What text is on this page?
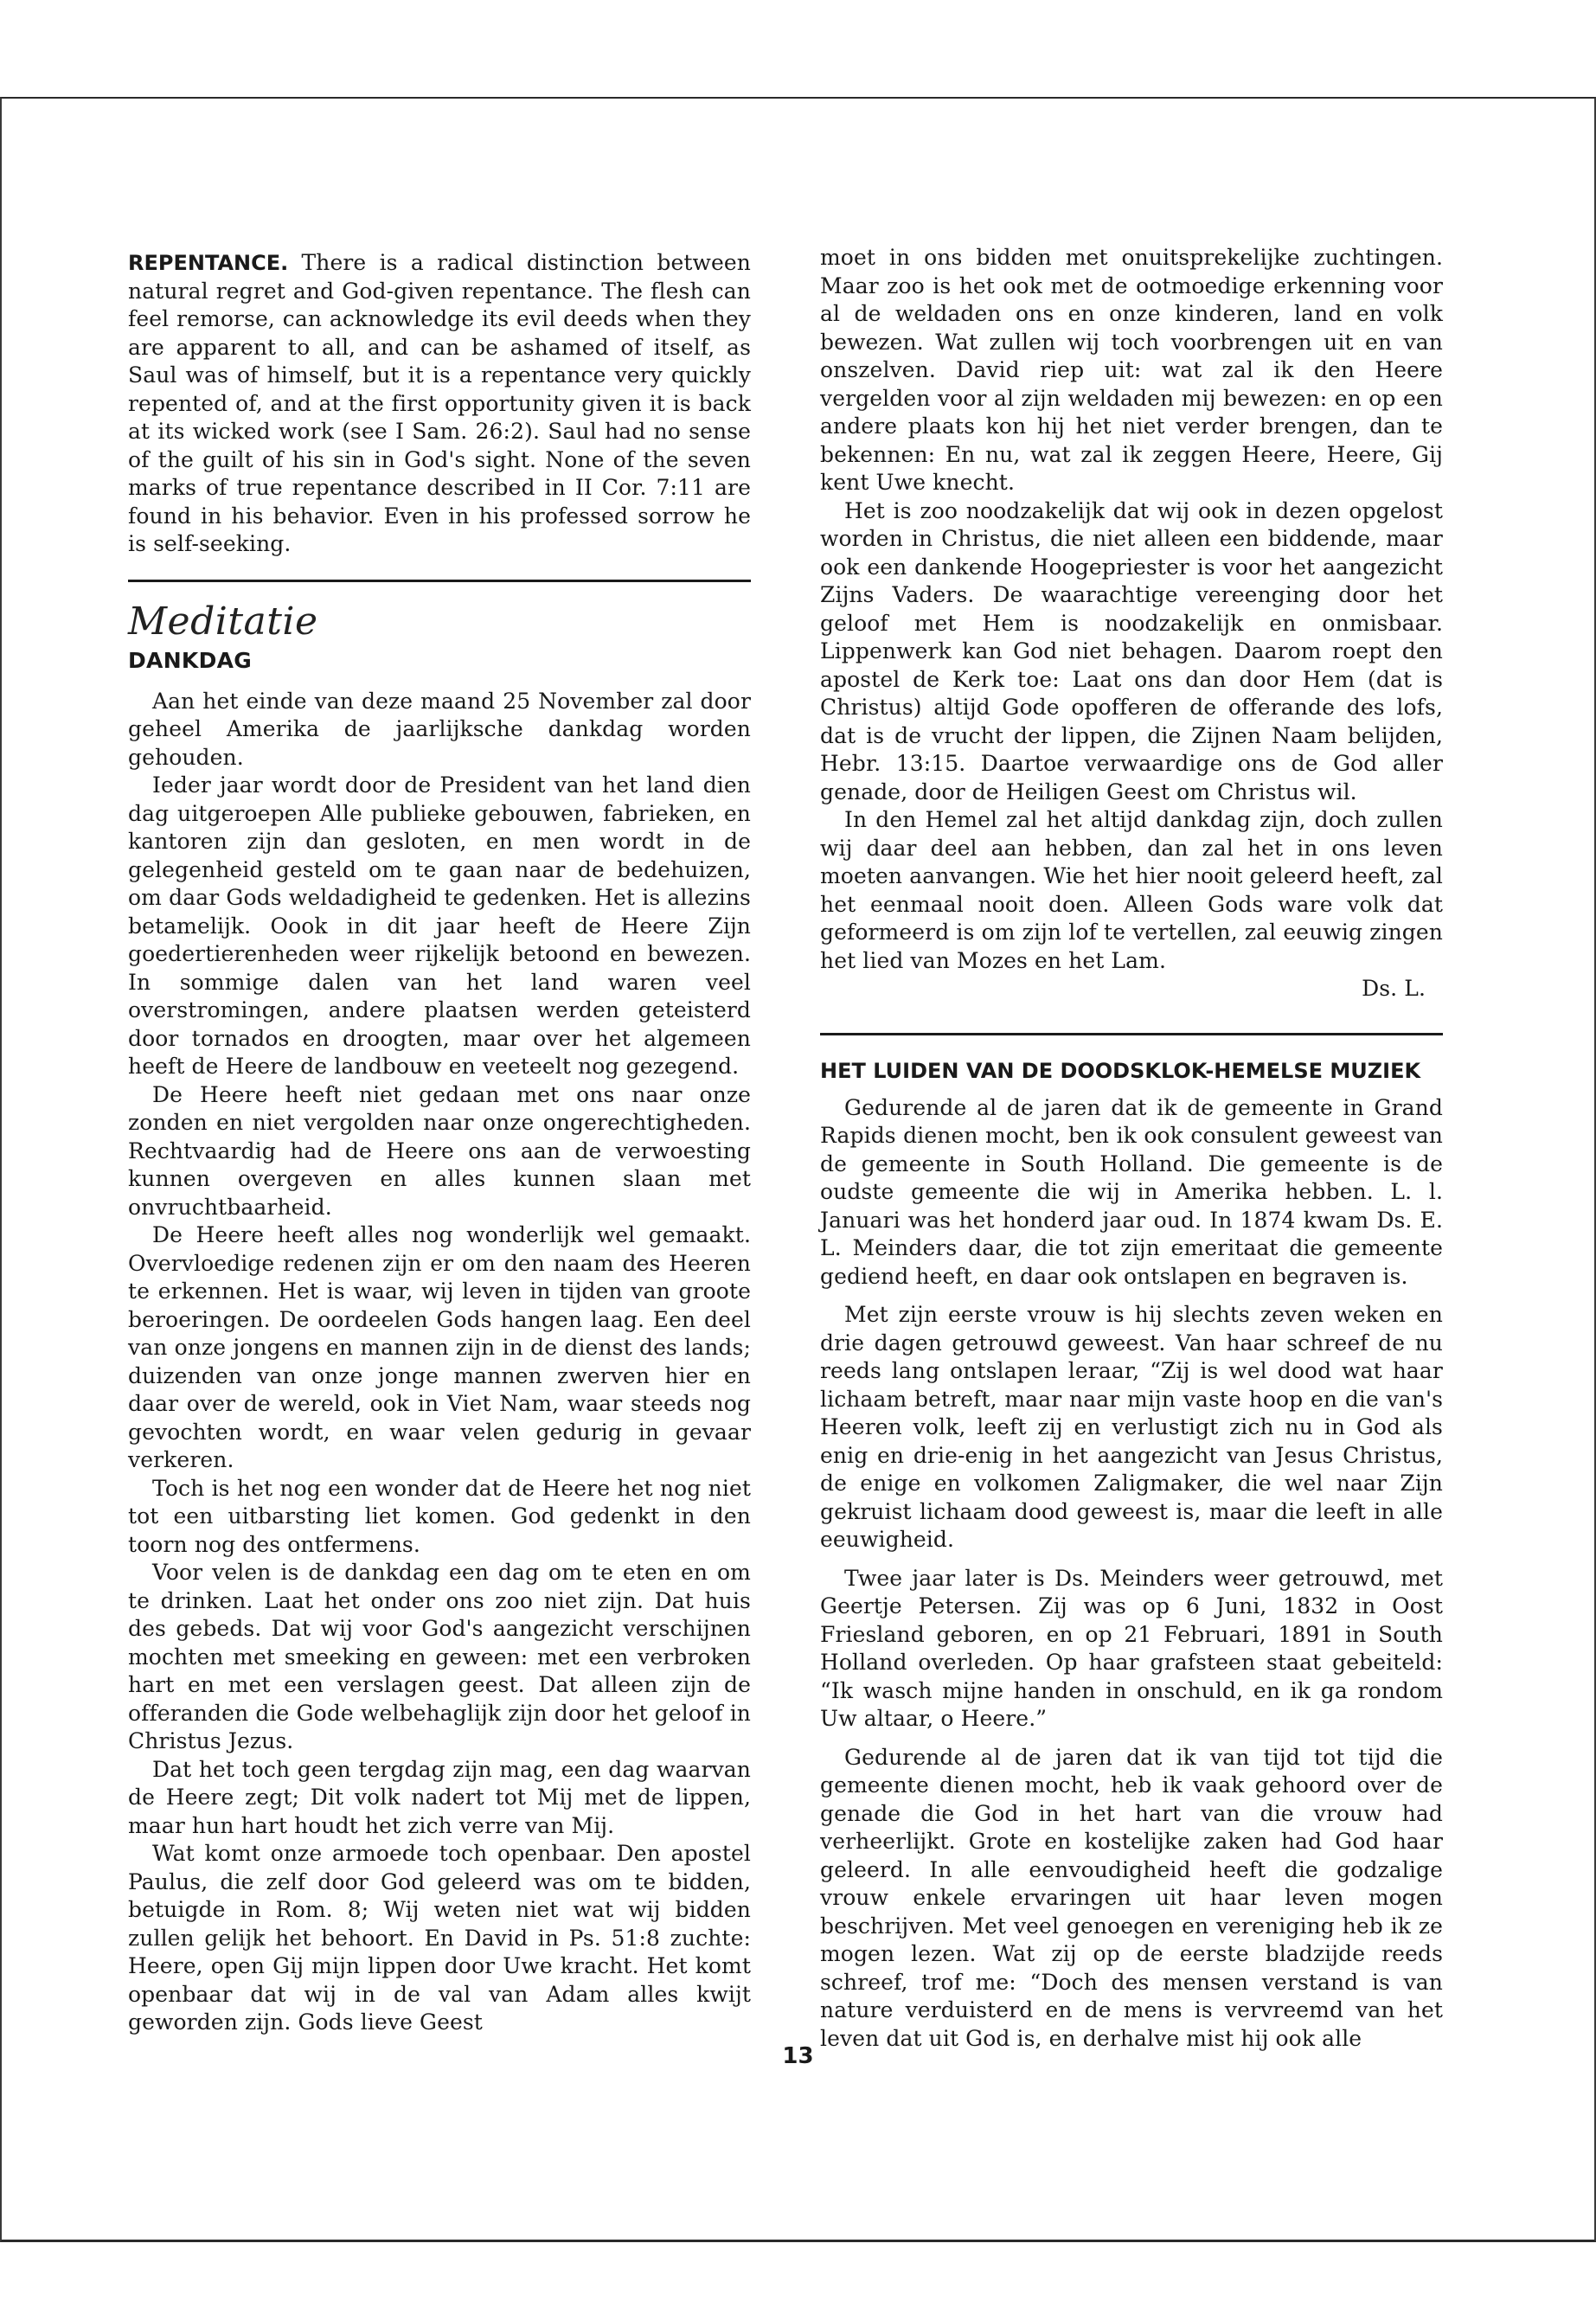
REPENTANCE. There is a radical distinction between natural regret and God-given repentance. The flesh can feel remorse, can acknowledge its evil deeds when they are apparent to all, and can be ashamed of itself, as Saul was of himself, but it is a repentance very quickly repented of, and at the first opportunity given it is back at its wicked work (see I Sam. 26:2). Saul had no sense of the guilt of his sin in God's sight. None of the seven marks of true repentance described in II Cor. 7:11 are found in his behavior. Even in his professed sorrow he is self-seeking.

Meditatie
DANKDAG

Aan het einde van deze maand 25 November zal door geheel Amerika de jaarlijksche dankdag worden gehouden.

Ieder jaar wordt door de President van het land dien dag uitgeroepen Alle publieke gebouwen, fabrieken, en kantoren zijn dan gesloten, en men wordt in de gelegenheid gesteld om te gaan naar de bedehuizen, om daar Gods weldadigheid te gedenken. Het is allezins betamelijk. Oook in dit jaar heeft de Heere Zijn goedertierenheden weer rijkelijk betoond en bewezen. In sommige dalen van het land waren veel overstromingen, andere plaatsen werden geteisterd door tornados en droogten, maar over het algemeen heeft de Heere de landbouw en veeteelt nog gezegend.

De Heere heeft niet gedaan met ons naar onze zonden en niet vergolden naar onze ongerechtigheden. Rechtvaardig had de Heere ons aan de verwoesting kunnen overgeven en alles kunnen slaan met onvruchtbaarheid.

De Heere heeft alles nog wonderlijk wel gemaakt. Overvloedige redenen zijn er om den naam des Heeren te erkennen. Het is waar, wij leven in tijden van groote beroeringen. De oordeelen Gods hangen laag. Een deel van onze jongens en mannen zijn in de dienst des lands; duizenden van onze jonge mannen zwerven hier en daar over de wereld, ook in Viet Nam, waar steeds nog gevochten wordt, en waar velen gedurig in gevaar verkeren.

Toch is het nog een wonder dat de Heere het nog niet tot een uitbarsting liet komen. God gedenkt in den toorn nog des ontfermens.

Voor velen is de dankdag een dag om te eten en om te drinken. Laat het onder ons zoo niet zijn. Dat huis des gebeds. Dat wij voor God's aangezicht verschijnen mochten met smeeking en geween: met een verbroken hart en met een verslagen geest. Dat alleen zijn de offeranden die Gode welbehaglijk zijn door het geloof in Christus Jezus.

Dat het toch geen tergdag zijn mag, een dag waarvan de Heere zegt; Dit volk nadert tot Mij met de lippen, maar hun hart houdt het zich verre van Mij.

Wat komt onze armoede toch openbaar. Den apostel Paulus, die zelf door God geleerd was om te bidden, betuigde in Rom. 8; Wij weten niet wat wij bidden zullen gelijk het behoort. En David in Ps. 51:8 zuchte: Heere, open Gij mijn lippen door Uwe kracht. Het komt openbaar dat wij in de val van Adam alles kwijt geworden zijn. Gods lieve Geest

moet in ons bidden met onuitsprekelijke zuchtingen. Maar zoo is het ook met de ootmoedige erkenning voor al de weldaden ons en onze kinderen, land en volk bewezen. Wat zullen wij toch voorbrengen uit en van onszelven. David riep uit: wat zal ik den Heere vergelden voor al zijn weldaden mij bewezen: en op een andere plaats kon hij het niet verder brengen, dan te bekennen: En nu, wat zal ik zeggen Heere, Heere, Gij kent Uwe knecht.

Het is zoo noodzakelijk dat wij ook in dezen opgelost worden in Christus, die niet alleen een biddende, maar ook een dankende Hoogepriester is voor het aangezicht Zijns Vaders. De waarachtige vereenging door het geloof met Hem is noodzakelijk en onmisbaar. Lippenwerk kan God niet behagen. Daarom roept den apostel de Kerk toe: Laat ons dan door Hem (dat is Christus) altijd Gode opofferen de offerande des lofs, dat is de vrucht der lippen, die Zijnen Naam belijden, Hebr. 13:15. Daartoe verwaardige ons de God aller genade, door de Heiligen Geest om Christus wil.

In den Hemel zal het altijd dankdag zijn, doch zullen wij daar deel aan hebben, dan zal het in ons leven moeten aanvangen. Wie het hier nooit geleerd heeft, zal het eenmaal nooit doen. Alleen Gods ware volk dat geformeerd is om zijn lof te vertellen, zal eeuwig zingen het lied van Mozes en het Lam.

Ds. L.

HET LUIDEN VAN DE DOODSKLOK-HEMELSE MUZIEK

Gedurende al de jaren dat ik de gemeente in Grand Rapids dienen mocht, ben ik ook consulent geweest van de gemeente in South Holland. Die gemeente is de oudste gemeente die wij in Amerika hebben. L. l. Januari was het honderd jaar oud. In 1874 kwam Ds. E. L. Meinders daar, die tot zijn emeritaat die gemeente gediend heeft, en daar ook ontslapen en begraven is.

Met zijn eerste vrouw is hij slechts zeven weken en drie dagen getrouwd geweest. Van haar schreef de nu reeds lang ontslapen leraar, “Zij is wel dood wat haar lichaam betreft, maar naar mijn vaste hoop en die van's Heeren volk, leeft zij en verlustigt zich nu in God als enig en drie-enig in het aangezicht van Jesus Christus, de enige en volkomen Zaligmaker, die wel naar Zijn gekruist lichaam dood geweest is, maar die leeft in alle eeuwigheid.

Twee jaar later is Ds. Meinders weer getrouwd, met Geertje Petersen. Zij was op 6 Juni, 1832 in Oost Friesland geboren, en op 21 Februari, 1891 in South Holland overleden. Op haar grafsteen staat gebeiteld: “Ik wasch mijne handen in onschuld, en ik ga rondom Uw altaar, o Heere.”

Gedurende al de jaren dat ik van tijd tot tijd die gemeente dienen mocht, heb ik vaak gehoord over de genade die God in het hart van die vrouw had verheerlijkt. Grote en kostelijke zaken had God haar geleerd. In alle eenvoudigheid heeft die godzalige vrouw enkele ervaringen uit haar leven mogen beschrijven. Met veel genoegen en vereniging heb ik ze mogen lezen. Wat zij op de eerste bladzijde reeds schreef, trof me: “Doch des mensen verstand is van nature verduisterd en de mens is vervreemd van het leven dat uit God is, en derhalve mist hij ook alle

13
